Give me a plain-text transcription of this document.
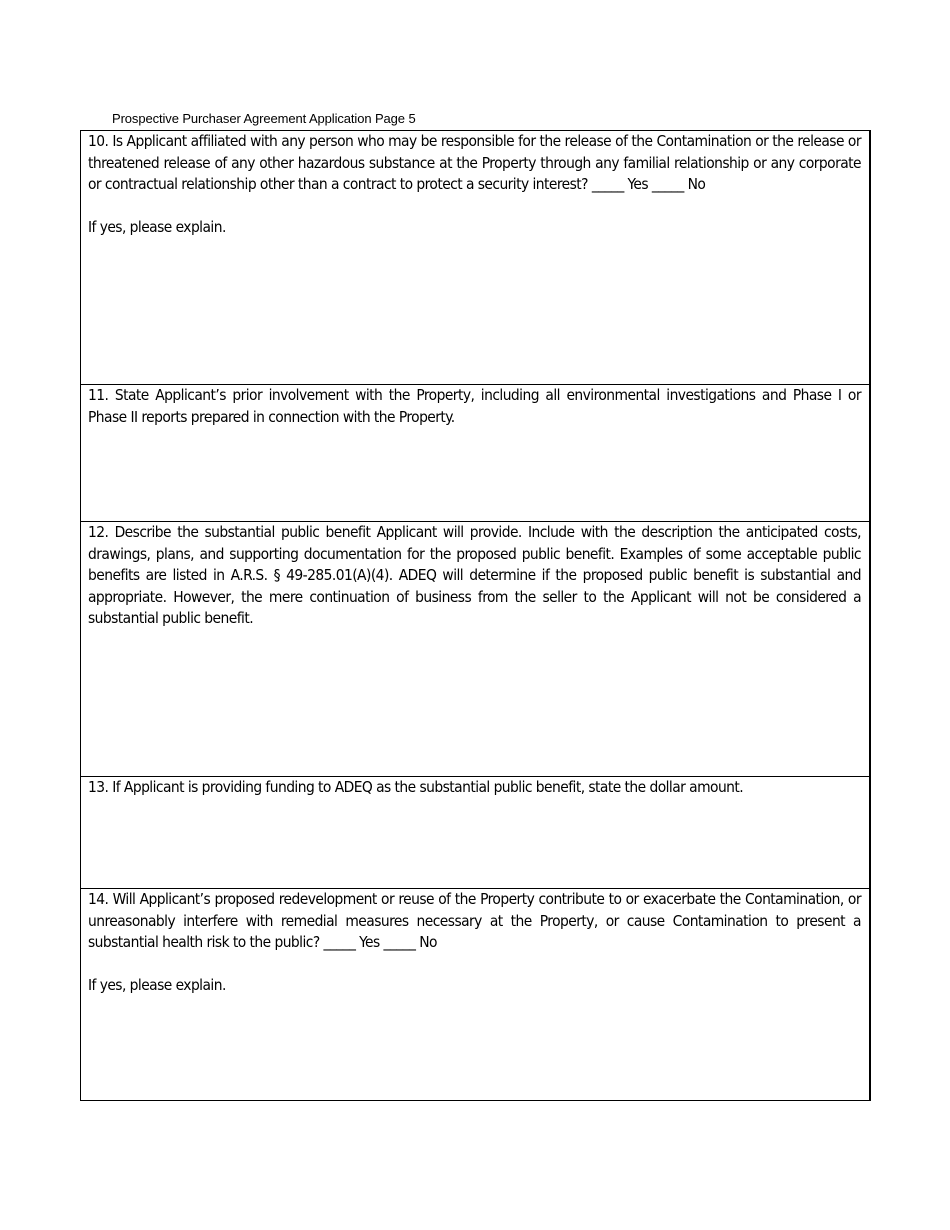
Prospective Purchaser Agreement Application Page 5

10. Is Applicant affiliated with any person who may be responsible for the release of the Contamination or the release or threatened release of any other hazardous substance at the Property through any familial relationship or any corporate or contractual relationship other than a contract to protect a security interest? _____ Yes _____ No

If yes, please explain.

11. State Applicant’s prior involvement with the Property, including all environmental investigations and Phase I or Phase II reports prepared in connection with the Property.

12. Describe the substantial public benefit Applicant will provide. Include with the description the anticipated costs, drawings, plans, and supporting documentation for the proposed public benefit. Examples of some acceptable public benefits are listed in A.R.S. § 49-285.01(A)(4). ADEQ will determine if the proposed public benefit is substantial and appropriate. However, the mere continuation of business from the seller to the Applicant will not be considered a substantial public benefit.

13. If Applicant is providing funding to ADEQ as the substantial public benefit, state the dollar amount.

14. Will Applicant’s proposed redevelopment or reuse of the Property contribute to or exacerbate the Contamination, or unreasonably interfere with remedial measures necessary at the Property, or cause Contamination to present a substantial health risk to the public? _____ Yes _____ No

If yes, please explain.
